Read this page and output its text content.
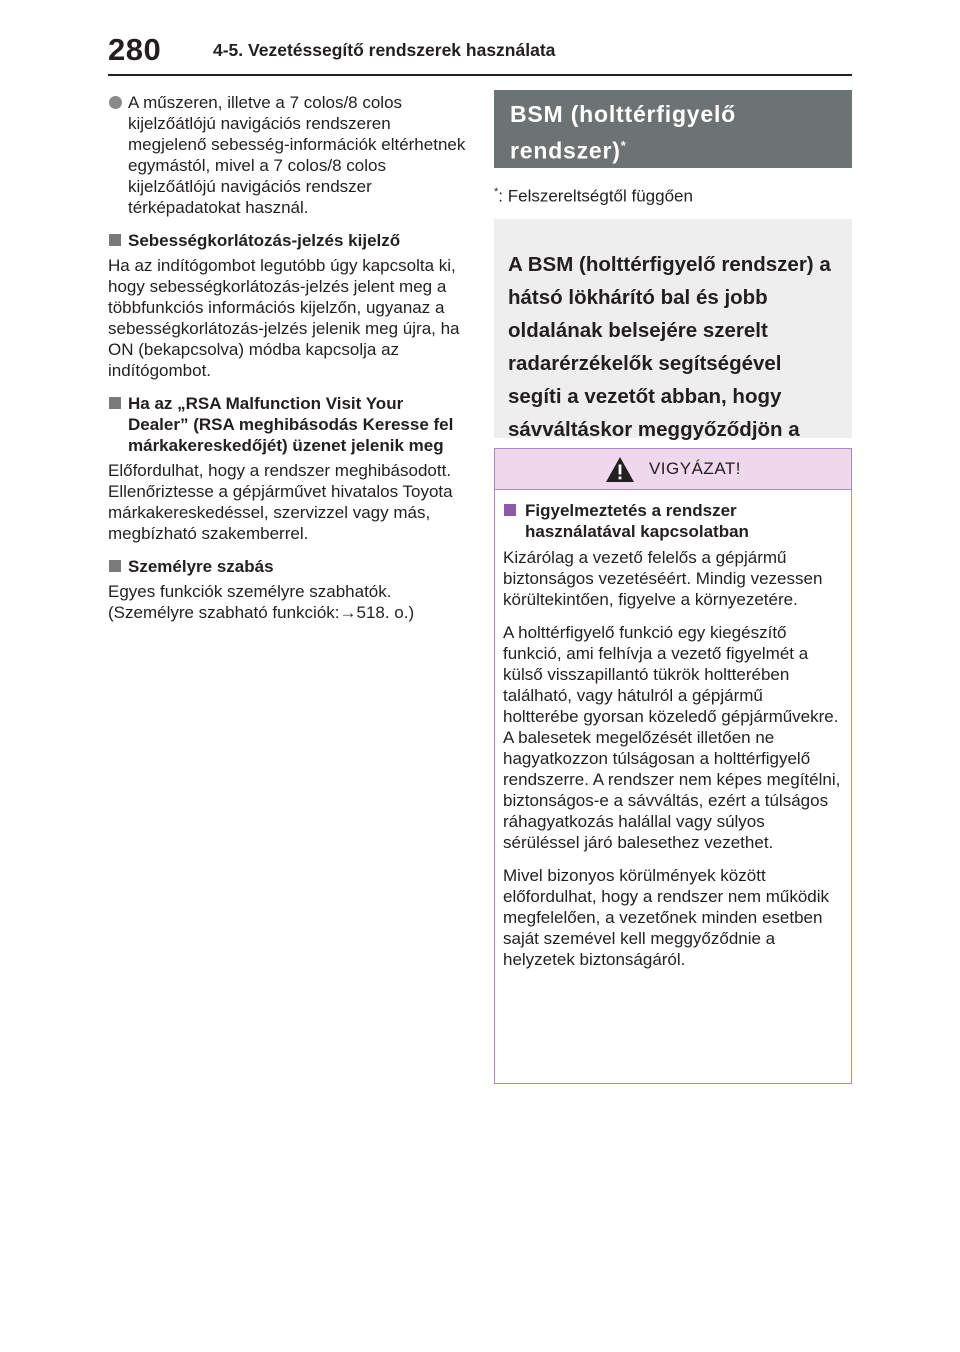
280	4-5. Vezetéssegítő rendszerek használata
A műszeren, illetve a 7 colos/8 colos kijelzőátlójú navigációs rendszeren megjelenő sebesség-információk eltérhetnek egymástól, mivel a 7 colos/8 colos kijelzőátlójú navigációs rendszer térképadatokat használ.
Sebességkorlátozás-jelzés kijelző

Ha az indítógombot legutóbb úgy kapcsolta ki, hogy sebességkorlátozás-jelzés jelent meg a többfunkciós információs kijelzőn, ugyanaz a sebességkorlátozás-jelzés jelenik meg újra, ha ON (bekapcsolva) módba kapcsolja az indítógombot.

Ha az „RSA Malfunction Visit Your Dealer” (RSA meghibásodás Keresse fel márkakereskedőjét) üzenet jelenik meg

Előfordulhat, hogy a rendszer meghibásodott. Ellenőriztesse a gépjárművet hivatalos Toyota márkakereskedéssel, szervizzel vagy más, megbízható szakemberrel.

Személyre szabás

Egyes funkciók személyre szabhatók. (Személyre szabható funkciók:→518. o.)

BSM (holttérfigyelő rendszer)*
*: Felszereltségtől függően
A BSM (holttérfigyelő rendszer) a hátsó lökhárító bal és jobb oldalának belsejére szerelt radarérzékelők segítségével segíti a vezetőt abban, hogy sávváltáskor meggyőződjön a
VIGYÁZAT!
Figyelmeztetés a rendszer használatával kapcsolatban

Kizárólag a vezető felelős a gépjármű biztonságos vezetéséért. Mindig vezessen körültekintően, figyelve a környezetére.

A holttérfigyelő funkció egy kiegészítő funkció, ami felhívja a vezető figyelmét a külső visszapillantó tükrök holtterében található, vagy hátulról a gépjármű holtterébe gyorsan közeledő gépjárművekre. A balesetek megelőzését illetően ne hagyatkozzon túlságosan a holttérfigyelő rendszerre. A rendszer nem képes megítélni, biztonságos-e a sávváltás, ezért a túlságos ráhagyatkozás halállal vagy súlyos sérüléssel járó balesethez vezethet.

Mivel bizonyos körülmények között előfordulhat, hogy a rendszer nem működik megfelelően, a vezetőnek minden esetben saját szemével kell meggyőződnie a helyzetek biztonságáról.
